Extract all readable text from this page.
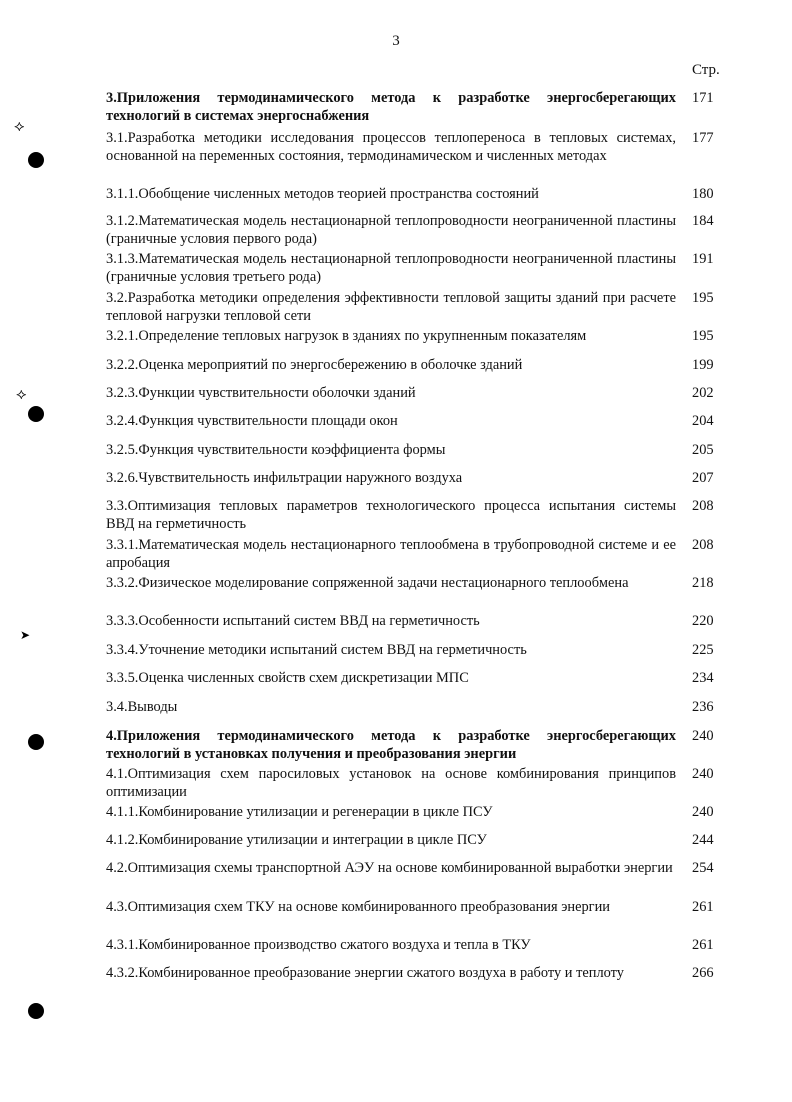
3
Стр.
3.Приложения термодинамического метода к разработке энергосберегающих технологий в системах энергоснабжения
171
3.1.Разработка методики исследования процессов теплопереноса в тепловых системах, основанной на переменных состояния, термодинамическом и численных методах
177
3.1.1.Обобщение численных методов теорией пространства состояний	180
3.1.2.Математическая модель нестационарной теплопроводности неограниченной пластины (граничные условия первого рода)
184
3.1.3.Математическая модель нестационарной теплопроводности неограниченной пластины (граничные условия третьего рода)
191
3.2.Разработка методики определения эффективности тепловой защиты зданий при расчете тепловой нагрузки тепловой сети
195
3.2.1.Определение тепловых нагрузок в зданиях по укрупненным показателям	195
3.2.2.Оценка мероприятий по энергосбережению в оболочке зданий	199
3.2.3.Функции чувствительности оболочки зданий	202
3.2.4.Функция чувствительности площади окон	204
3.2.5.Функция чувствительности коэффициента формы	205
3.2.6.Чувствительность инфильтрации наружного воздуха	207
3.3.Оптимизация тепловых параметров технологического процесса испытания системы ВВД на герметичность
208
3.3.1.Математическая модель нестационарного теплообмена в трубопроводной системе и ее апробация
208
3.3.2.Физическое моделирование сопряженной задачи нестационарного теплообмена	218
3.3.3.Особенности испытаний систем ВВД на герметичность	220
3.3.4.Уточнение методики испытаний систем ВВД на герметичность	225
3.3.5.Оценка численных свойств схем дискретизации МПС	234
3.4.Выводы	236
4.Приложения термодинамического метода к разработке энергосберегающих технологий в установках получения и преобразования энергии
240
4.1.Оптимизация схем паросиловых установок на основе комбинирования принципов оптимизации
240
4.1.1.Комбинирование утилизации и регенерации в цикле ПСУ	240
4.1.2.Комбинирование утилизации и интеграции в цикле ПСУ	244
4.2.Оптимизация схемы транспортной АЭУ на основе комбинированной выработки энергии 254
4.3.Оптимизация схем ТКУ на основе комбинированного преобразования энергии	261
4.3.1.Комбинированное производство сжатого воздуха и тепла в ТКУ	261
4.3.2.Комбинированное преобразование энергии сжатого воздуха в работу и теплоту	266
⟡
⟡
➤
